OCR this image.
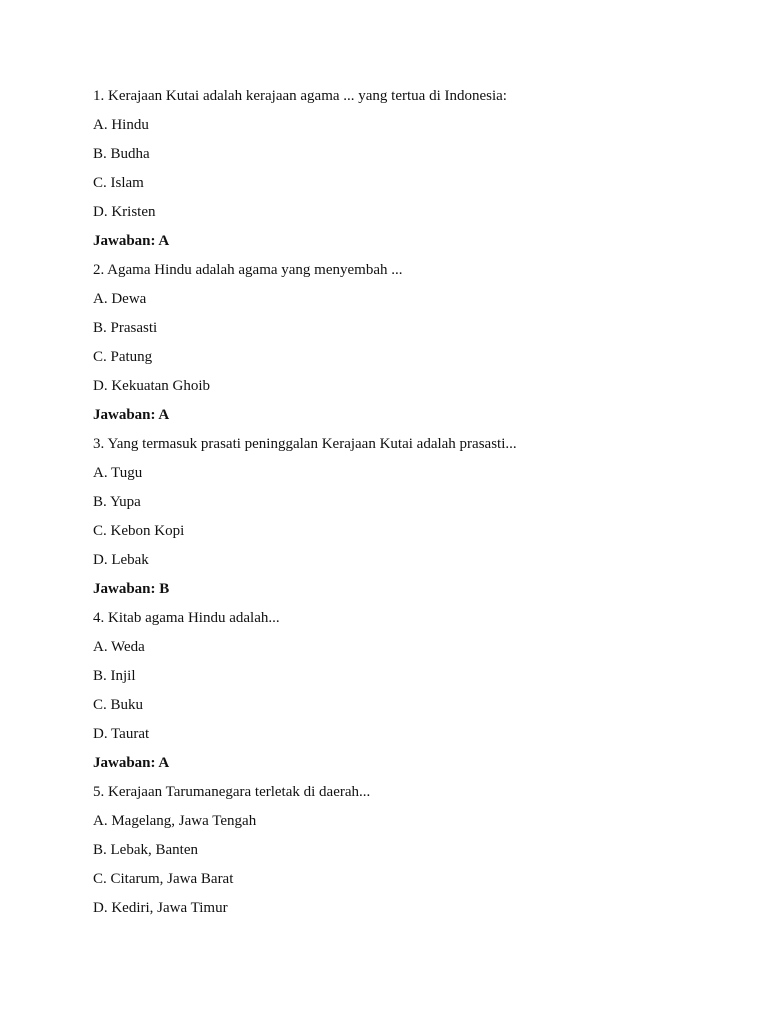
1. Kerajaan Kutai adalah kerajaan agama ... yang tertua di Indonesia:
A. Hindu
B. Budha
C. Islam
D. Kristen
Jawaban: A
2. Agama Hindu adalah agama yang menyembah ...
A. Dewa
B. Prasasti
C. Patung
D. Kekuatan Ghoib
Jawaban: A
3. Yang termasuk prasati peninggalan Kerajaan Kutai adalah prasasti...
A. Tugu
B. Yupa
C. Kebon Kopi
D. Lebak
Jawaban: B
4. Kitab agama Hindu adalah...
A. Weda
B. Injil
C. Buku
D. Taurat
Jawaban: A
5. Kerajaan Tarumanegara terletak di daerah...
A. Magelang, Jawa Tengah
B. Lebak, Banten
C. Citarum, Jawa Barat
D. Kediri, Jawa Timur
